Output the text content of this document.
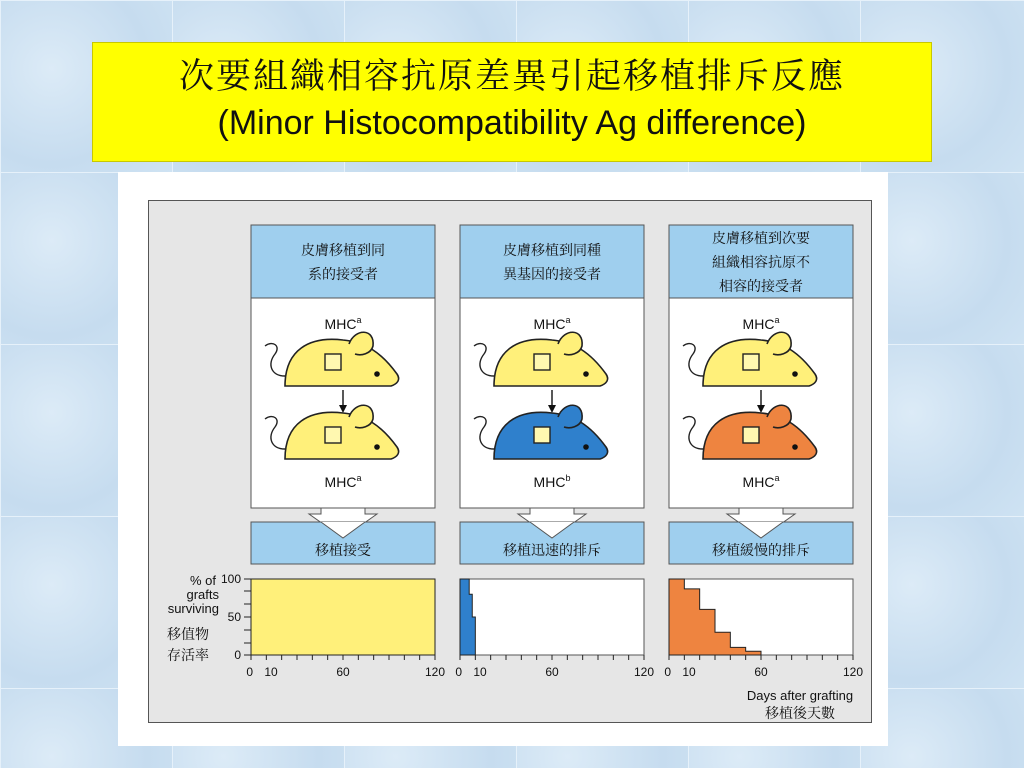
次要組織相容抗原差異引起移植排斥反應
(Minor Histocompatibility Ag difference)
皮膚移植到同
系的接受者
MHC$^a$
MHC$^a$
移植接受
皮膚移植到同種
異基因的接受者
MHC$^a$
MHC$^b$
移植迅速的排斥
皮膚移植到次要
組織相容抗原不
相容的接受者
MHC$^a$
MHC$^a$
移植緩慢的排斥
0 10	60	120 0 10	60	120 0 10	60	120
0
50
100
% of
grafts
surviving
移值物
存活率
Days after grafting
移植後天數
